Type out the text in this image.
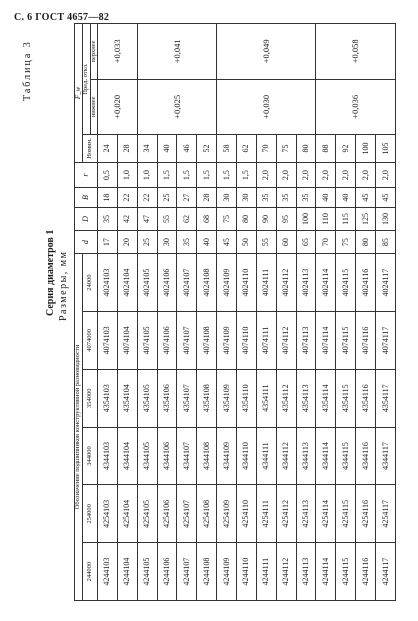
С. 6 ГОСТ 4657—82
Таблица 3
Серия диаметров 1 Размеры, мм
Обозначение подшипников конструктивной разновидности						d	D	B	r	F_w		
244000	254000	344000	354000	4074000	24000					Номин.	Пред. откл.	
											нижнее	верхнее
4244103	4254103	4344103	4354103	4074103	4024103	17	35	18	0,5	24	+0,020	+0,033
4244104	4254104	4344104	4354104	4074104	4024104	20	42	22	1,0	28		
4244105	4254105	4344105	4354105	4074105	4024105	25	47	22	1,0	34	+0,025	+0,041
4244106	4254106	4344106	4354106	4074106	4024106	30	55	25	1,5	40		
4244107	4254107	4344107	4354107	4074107	4024107	35	62	27	1,5	46		
4244108	4254108	4344108	4354108	4074108	4024108	40	68	28	1,5	52		
4244109	4254109	4344109	4354109	4074109	4024109	45	75	30	1,5	58	+0,030	+0,049
4244110	4254110	4344110	4354110	4074110	4024110	50	80	30	1,5	62		
4244111	4254111	4344111	4354111	4074111	4024111	55	90	35	2,0	70		
4244112	4254112	4344112	4354112	4074112	4024112	60	95	35	2,0	75		
4244113	4254113	4344113	4354113	4074113	4024113	65	100	35	2,0	80		
4244114	4254114	4344114	4354114	4074114	4024114	70	110	40	2,0	88	+0,036	+0,058
4244115	4254115	4344115	4354115	4074115	4024115	75	115	40	2,0	92		
4244116	4254116	4344116	4354116	4074116	4024116	80	125	45	2,0	100		
4244117	4254117	4344117	4354117	4074117	4024117	85	130	45	2,0	105		
